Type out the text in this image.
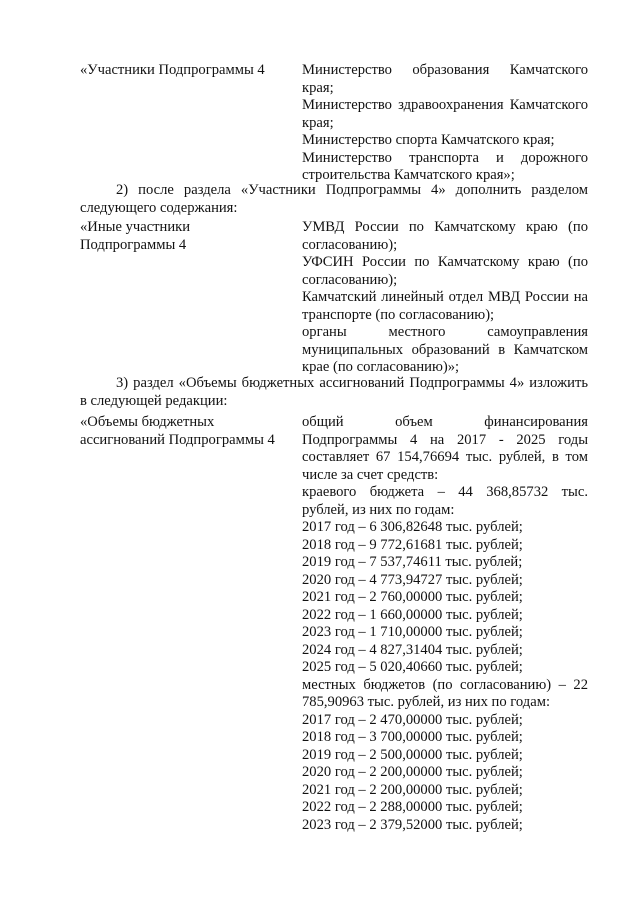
«Участники Подпрограммы 4	Министерство образования Камчатского края;

Министерство здравоохранения Камчатского края;

Министерство спорта Камчатского края;

Министерство транспорта и дорожного строительства Камчатского края»;

2) после раздела «Участники Подпрограммы 4» дополнить разделом следующего содержания:

«Иные участники Подпрограммы 4

УМВД России по Камчатскому краю (по согласованию);

УФСИН России по Камчатскому краю (по согласованию);

Камчатский линейный отдел МВД России на транспорте (по согласованию);

органы местного самоуправления муниципальных образований в Камчатском крае (по согласованию)»;

3) раздел «Объемы бюджетных ассигнований Подпрограммы 4» изложить в следующей редакции:

«Объемы бюджетных ассигнований Подпрограммы 4

общий объем финансирования Подпрограммы 4 на 2017 - 2025 годы составляет 67 154,76694 тыс. рублей, в том числе за счет средств:

краевого бюджета – 44 368,85732 тыс. рублей, из них по годам:

2017 год – 6 306,82648 тыс. рублей;

2018 год – 9 772,61681 тыс. рублей;

2019 год – 7 537,74611 тыс. рублей;

2020 год – 4 773,94727 тыс. рублей;

2021 год – 2 760,00000 тыс. рублей;

2022 год – 1 660,00000 тыс. рублей;

2023 год – 1 710,00000 тыс. рублей;

2024 год – 4 827,31404 тыс. рублей;

2025 год – 5 020,40660 тыс. рублей;

местных бюджетов (по согласованию) – 22 785,90963 тыс. рублей, из них по годам:

2017 год – 2 470,00000 тыс. рублей;

2018 год – 3 700,00000 тыс. рублей;

2019 год – 2 500,00000 тыс. рублей;

2020 год – 2 200,00000 тыс. рублей;

2021 год – 2 200,00000 тыс. рублей;

2022 год – 2 288,00000 тыс. рублей;

2023 год – 2 379,52000 тыс. рублей;
